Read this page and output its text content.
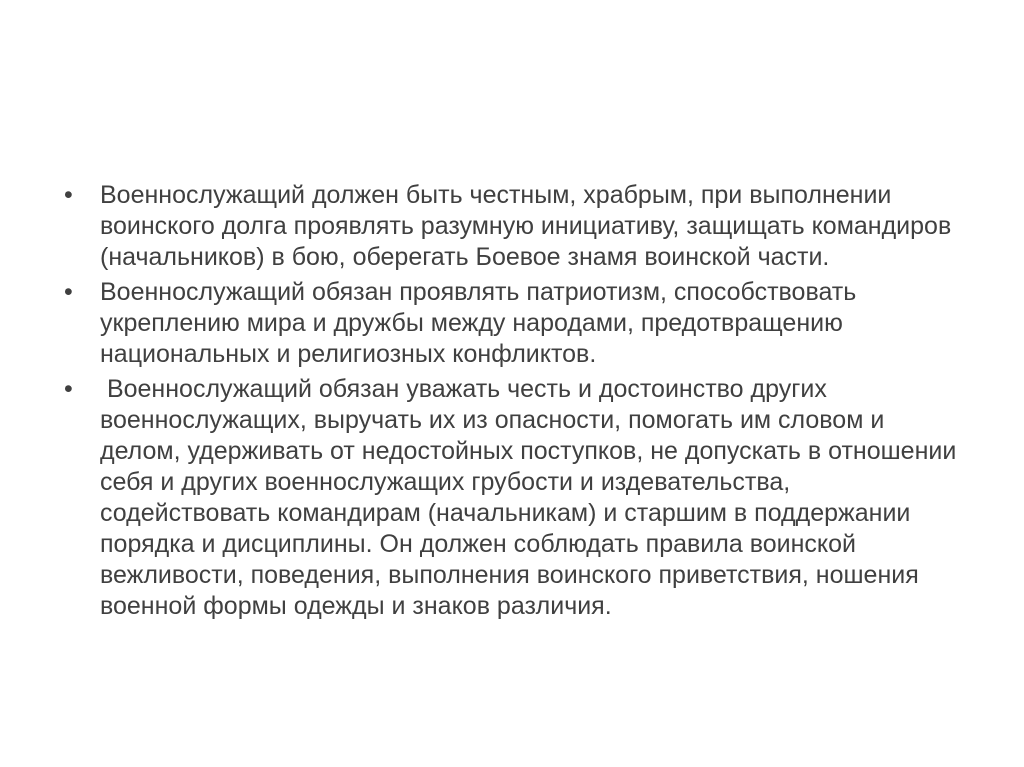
•	Военнослужащий должен быть честным, храбрым, при выполнении воинского долга проявлять разумную инициативу, защищать командиров (начальников) в бою, оберегать Боевое знамя воинской части.
•	Военнослужащий обязан проявлять патриотизм, способствовать укреплению мира и дружбы между народами, предотвращению национальных и религиозных конфликтов.
•	Военнослужащий обязан уважать честь и достоинство других военнослужащих, выручать их из опасности, помогать им словом и делом, удерживать от недостойных поступков, не допускать в отношении себя и других военнослужащих грубости и издевательства, содействовать командирам (начальникам) и старшим в поддержании порядка и дисциплины. Он должен соблюдать правила воинской вежливости, поведения, выполнения воинского приветствия, ношения военной формы одежды и знаков различия.
